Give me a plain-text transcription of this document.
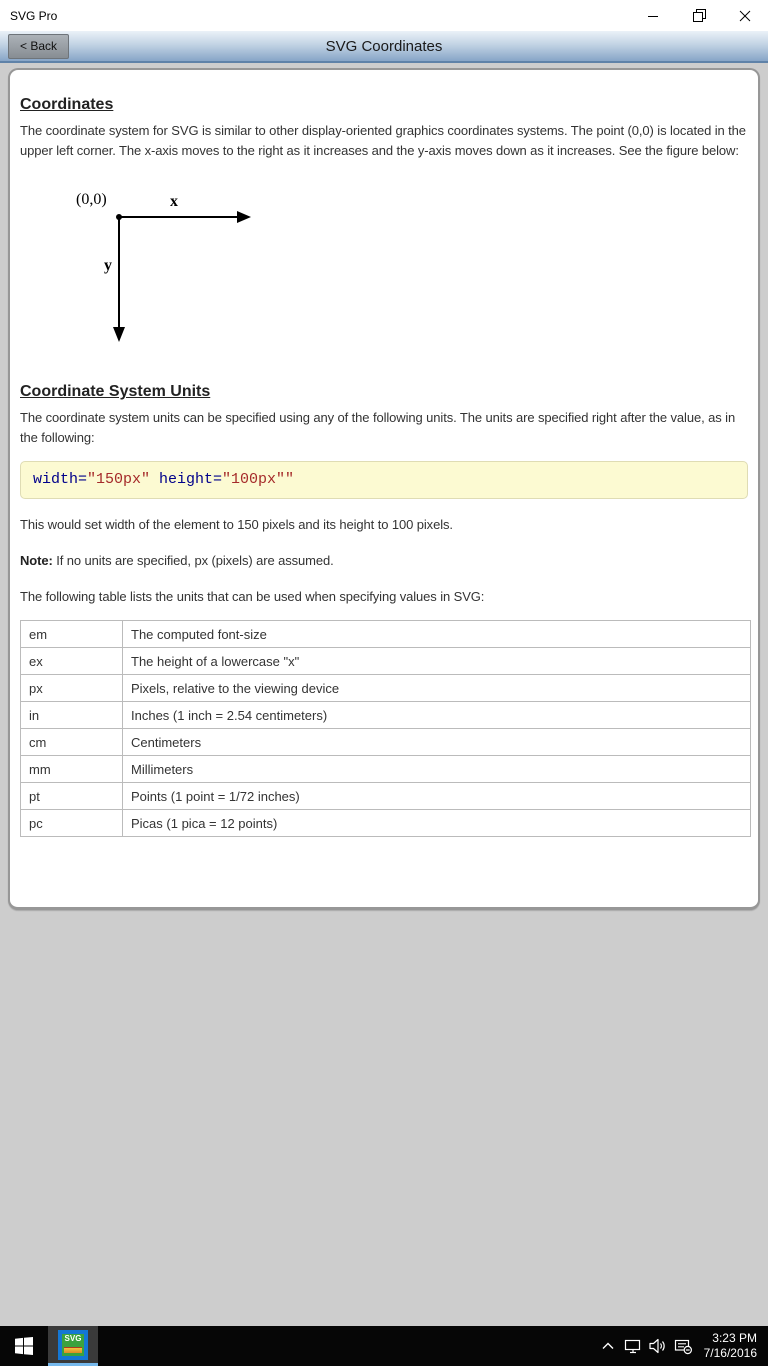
SVG Pro
SVG Coordinates
< Back
Coordinates

The coordinate system for SVG is similar to other display-oriented graphics coordinates systems. The point (0,0) is located in the upper left corner. The x-axis moves to the right as it increases and the y-axis moves down as it increases. See the figure below:

(0,0)	x
y
Coordinate System Units

The coordinate system units can be specified using any of the following units. The units are specified right after the value, as in the following:

width="150px" height="100px""

This would set width of the element to 150 pixels and its height to 100 pixels.

Note: If no units are specified, px (pixels) are assumed.

The following table lists the units that can be used when specifying values in SVG:

em	The computed font-size
ex	The height of a lowercase "x"
px	Pixels, relative to the viewing device
in	Inches (1 inch = 2.54 centimeters)
cm	Centimeters
mm	Millimeters
pt	Points (1 point = 1/72 inches)
pc	Picas (1 pica = 12 points)
SVG	3:23 PM
7/16/2016
